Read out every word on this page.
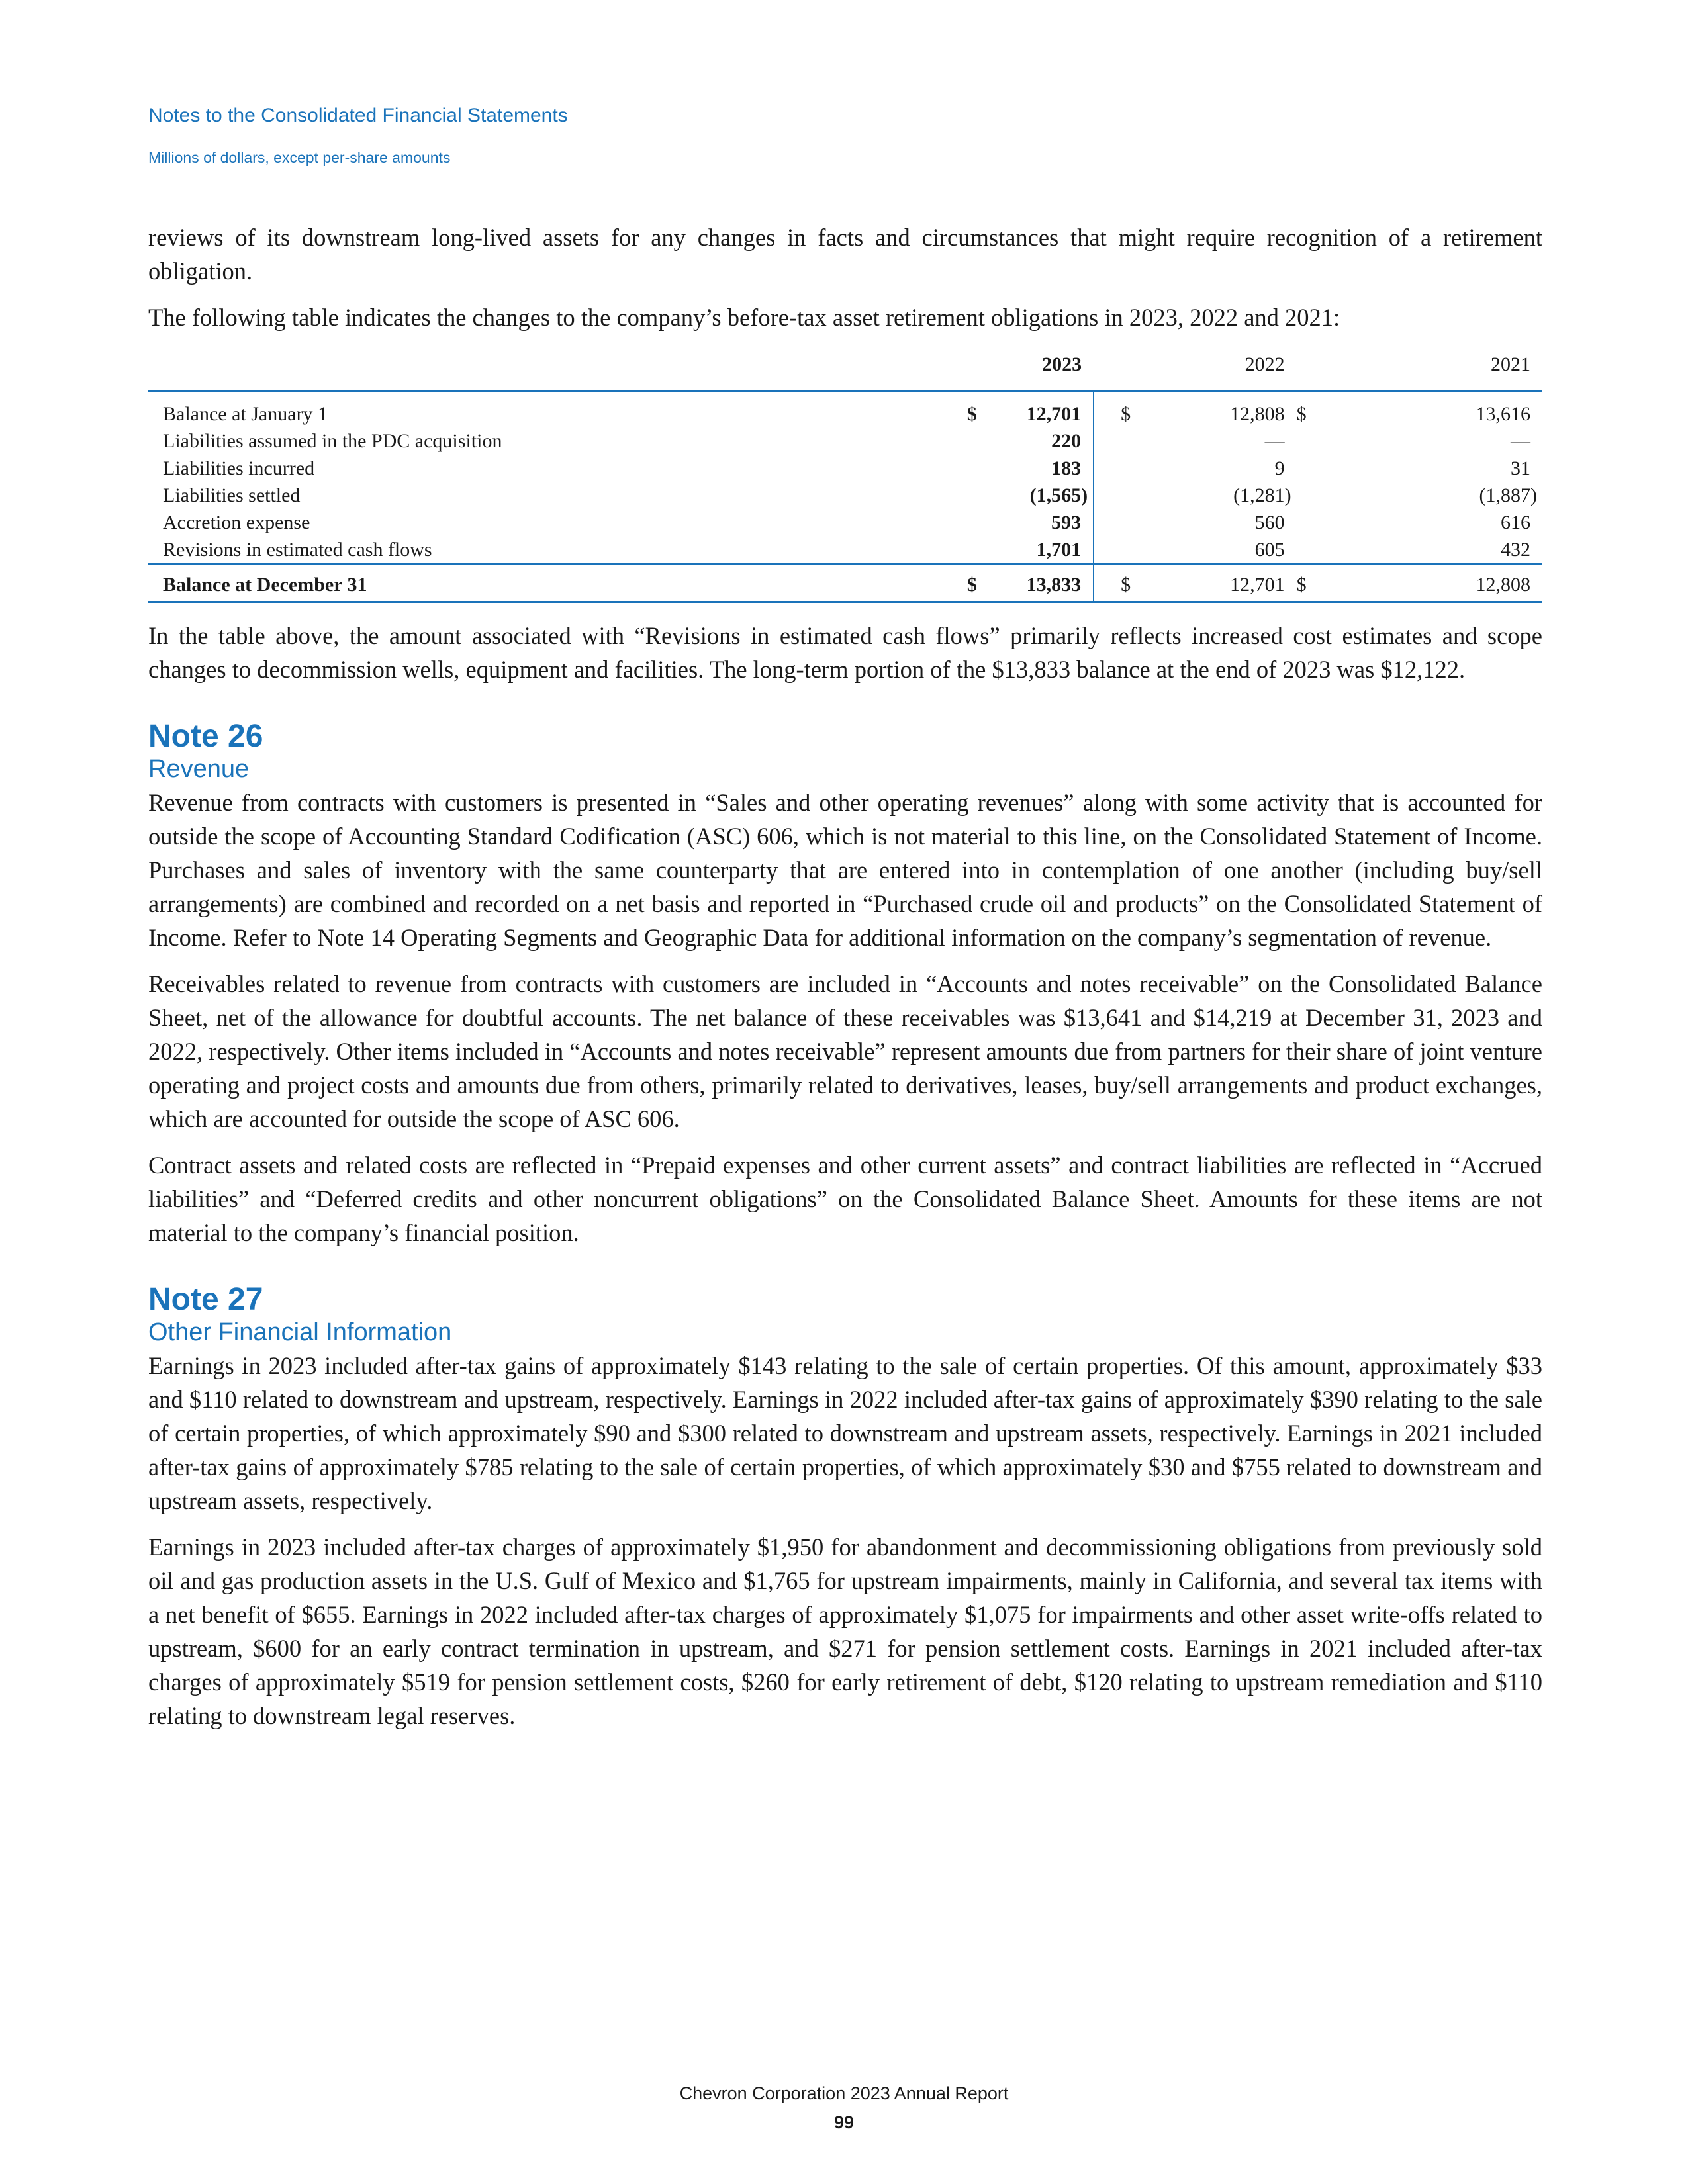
Notes to the Consolidated Financial Statements
Millions of dollars, except per-share amounts

reviews of its downstream long-lived assets for any changes in facts and circumstances that might require recognition of a retirement obligation.

The following table indicates the changes to the company’s before-tax asset retirement obligations in 2023, 2022 and 2021:

		2023		2022		2021
Balance at January 1	$	12,701	$	12,808	$	13,616
Liabilities assumed in the PDC acquisition		220		—		—
Liabilities incurred		183		9		31
Liabilities settled		(1,565)		(1,281)		(1,887)
Accretion expense		593		560		616
Revisions in estimated cash flows		1,701		605		432
Balance at December 31	$	13,833	$	12,701	$	12,808

In the table above, the amount associated with “Revisions in estimated cash flows” primarily reflects increased cost estimates and scope changes to decommission wells, equipment and facilities. The long-term portion of the $13,833 balance at the end of 2023 was $12,122.

Note 26
Revenue

Revenue from contracts with customers is presented in “Sales and other operating revenues” along with some activity that is accounted for outside the scope of Accounting Standard Codification (ASC) 606, which is not material to this line, on the Consolidated Statement of Income. Purchases and sales of inventory with the same counterparty that are entered into in contemplation of one another (including buy/sell arrangements) are combined and recorded on a net basis and reported in “Purchased crude oil and products” on the Consolidated Statement of Income. Refer to Note 14 Operating Segments and Geographic Data for additional information on the company’s segmentation of revenue.

Receivables related to revenue from contracts with customers are included in “Accounts and notes receivable” on the Consolidated Balance Sheet, net of the allowance for doubtful accounts. The net balance of these receivables was $13,641 and $14,219 at December 31, 2023 and 2022, respectively. Other items included in “Accounts and notes receivable” represent amounts due from partners for their share of joint venture operating and project costs and amounts due from others, primarily related to derivatives, leases, buy/sell arrangements and product exchanges, which are accounted for outside the scope of ASC 606.

Contract assets and related costs are reflected in “Prepaid expenses and other current assets” and contract liabilities are reflected in “Accrued liabilities” and “Deferred credits and other noncurrent obligations” on the Consolidated Balance Sheet. Amounts for these items are not material to the company’s financial position.

Note 27
Other Financial Information

Earnings in 2023 included after-tax gains of approximately $143 relating to the sale of certain properties. Of this amount, approximately $33 and $110 related to downstream and upstream, respectively. Earnings in 2022 included after-tax gains of approximately $390 relating to the sale of certain properties, of which approximately $90 and $300 related to downstream and upstream assets, respectively. Earnings in 2021 included after-tax gains of approximately $785 relating to the sale of certain properties, of which approximately $30 and $755 related to downstream and upstream assets, respectively.

Earnings in 2023 included after-tax charges of approximately $1,950 for abandonment and decommissioning obligations from previously sold oil and gas production assets in the U.S. Gulf of Mexico and $1,765 for upstream impairments, mainly in California, and several tax items with a net benefit of $655. Earnings in 2022 included after-tax charges of approximately $1,075 for impairments and other asset write-offs related to upstream, $600 for an early contract termination in upstream, and $271 for pension settlement costs. Earnings in 2021 included after-tax charges of approximately $519 for pension settlement costs, $260 for early retirement of debt, $120 relating to upstream remediation and $110 relating to downstream legal reserves.

Chevron Corporation 2023 Annual Report
99
